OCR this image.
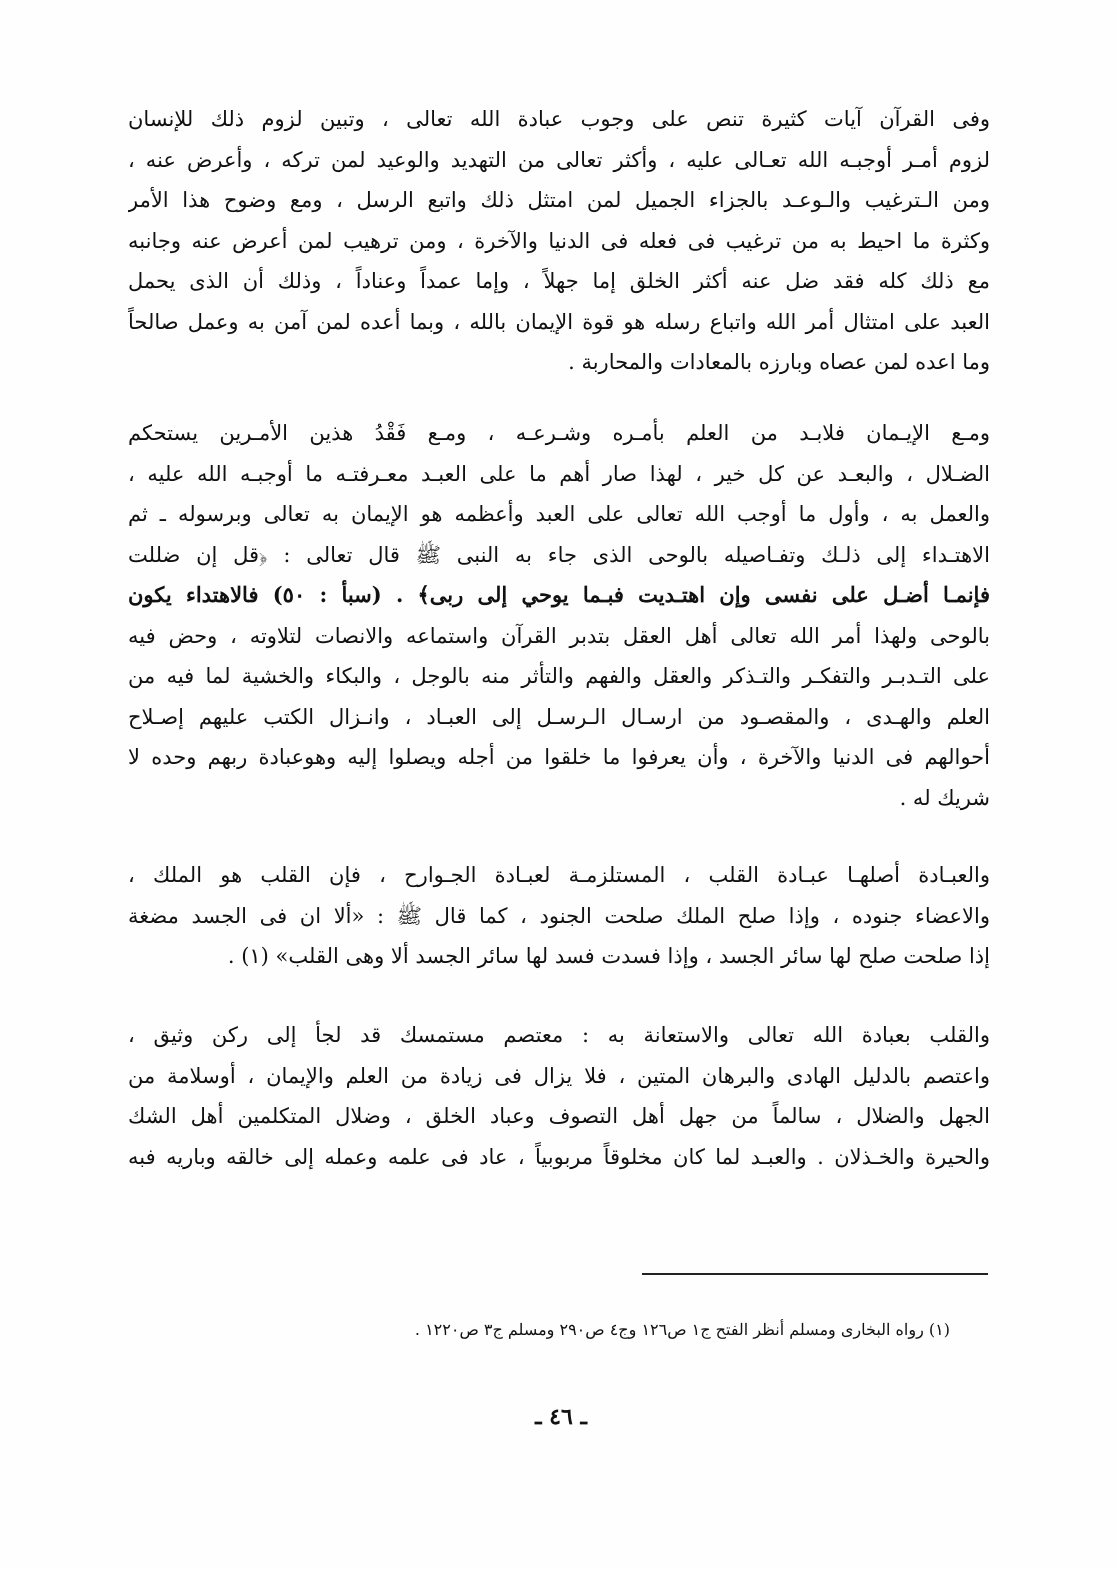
وفى القرآن آيات كثيرة تنص على وجوب عبادة الله تعالى ، وتبين لزوم ذلك للإنسان
لزوم أمـر أوجبـه الله تعـالى عليه ، وأكثر تعالى من التهديد والوعيد لمن تركه ، وأعرض عنه ،
ومن الـترغيب والـوعـد بالجزاء الجميل لمن امتثل ذلك واتبع الرسل ، ومع وضوح هذا الأمر
وكثرة ما احيط به من ترغيب فى فعله فى الدنيا والآخرة ، ومن ترهيب لمن أعرض عنه وجانبه
مع ذلك كله فقد ضل عنه أكثر الخلق إما جهلاً ، وإما عمداً وعناداً ، وذلك أن الذى يحمل
العبد على امتثال أمر الله واتباع رسله هو قوة الإيمان بالله ، وبما أعده لمن آمن به وعمل صالحاً
وما اعده لمن عصاه وبارزه بالمعادات والمحاربة .
ومـع الإيـمان فلابـد من العلم بأمـره وشـرعـه ، ومـع فَقْدُ هذين الأمـرين يستحكم
الضـلال ، والبعـد عن كل خير ، لهذا صار أهم ما على العبـد معـرفتـه ما أوجبـه الله عليه ،
والعمل به ، وأول ما أوجب الله تعالى على العبد وأعظمه هو الإيمان به تعالى وبرسوله ـ ثم
الاهتـداء إلى ذلـك وتفـاصيله بالوحى الذى جاء به النبى ﷺ قال تعالى : ﴿قل إن ضللت
فإنمـا أضـل على نفسى وإن اهتـديت فبـما يوحي إلى ربى﴾ . (سبأ : ٥٠) فالاهتداء يكون
بالوحى ولهذا أمر الله تعالى أهل العقل بتدبر القرآن واستماعه والانصات لتلاوته ، وحض فيه
على التـدبـر والتفكـر والتـذكر والعقل والفهم والتأثر منه بالوجل ، والبكاء والخشية لما فيه من
العلم والهـدى ، والمقصـود من ارسـال الـرسـل إلى العبـاد ، وانـزال الكتب عليهم إصـلاح
أحوالهم فى الدنيا والآخرة ، وأن يعرفوا ما خلقوا من أجله ويصلوا إليه وهوعبادة ربهم وحده لا
شريك له .
والعبـادة أصلهـا عبـادة القلب ، المستلزمـة لعبـادة الجـوارح ، فإن القلب هو الملك ،
والاعضاء جنوده ، وإذا صلح الملك صلحت الجنود ، كما قال ﷺ : «ألا ان فى الجسد مضغة
إذا صلحت صلح لها سائر الجسد ، وإذا فسدت فسد لها سائر الجسد ألا وهى القلب» (١) .
والقلب بعبادة الله تعالى والاستعانة به : معتصم مستمسك قد لجأ إلى ركن وثيق ،
واعتصم بالدليل الهادى والبرهان المتين ، فلا يزال فى زيادة من العلم والإيمان ، أوسلامة من
الجهل والضلال ، سالماً من جهل أهل التصوف وعباد الخلق ، وضلال المتكلمين أهل الشك
والحيرة والخـذلان . والعبـد لما كان مخلوقاً مربوبياً ، عاد فى علمه وعمله إلى خالقه وباريه فبه
(١) رواه البخارى ومسلم أنظر الفتح ج١ ص١٢٦ وج٤ ص٢٩٠ ومسلم ج٣ ص١٢٢٠ .
ـ ٤٦ ـ
